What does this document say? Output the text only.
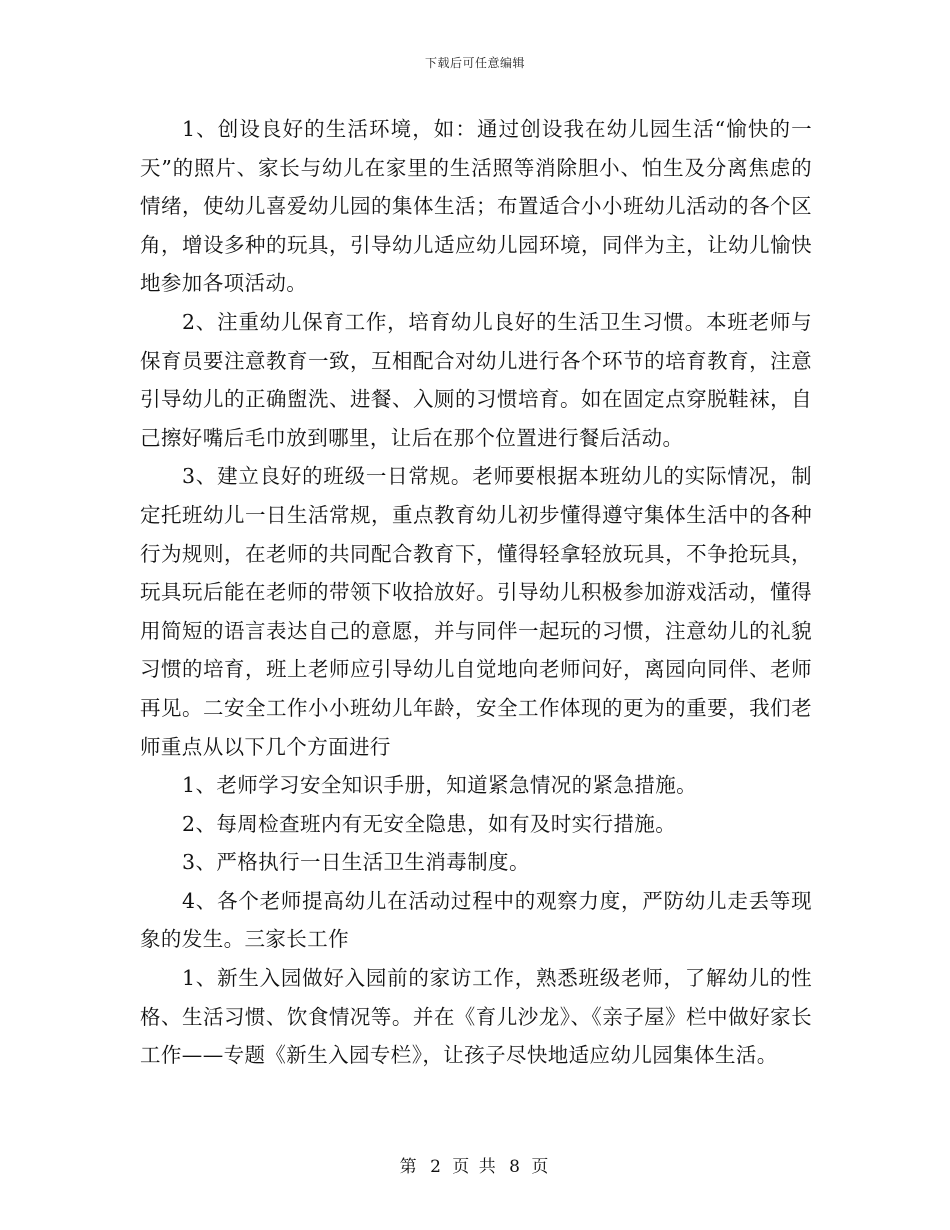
下载后可任意编辑

1、创设良好的生活环境，如：通过创设我在幼儿园生活“愉快的一天”的照片、家长与幼儿在家里的生活照等消除胆小、怕生及分离焦虑的情绪，使幼儿喜爱幼儿园的集体生活；布置适合小小班幼儿活动的各个区角，增设多种的玩具，引导幼儿适应幼儿园环境，同伴为主，让幼儿愉快地参加各项活动。

2、注重幼儿保育工作，培育幼儿良好的生活卫生习惯。本班老师与保育员要注意教育一致，互相配合对幼儿进行各个环节的培育教育，注意引导幼儿的正确盥洗、进餐、入厕的习惯培育。如在固定点穿脱鞋袜，自己擦好嘴后毛巾放到哪里，让后在那个位置进行餐后活动。

3、建立良好的班级一日常规。老师要根据本班幼儿的实际情况，制定托班幼儿一日生活常规，重点教育幼儿初步懂得遵守集体生活中的各种行为规则，在老师的共同配合教育下，懂得轻拿轻放玩具，不争抢玩具，玩具玩后能在老师的带领下收拾放好。引导幼儿积极参加游戏活动，懂得用简短的语言表达自己的意愿，并与同伴一起玩的习惯，注意幼儿的礼貌习惯的培育，班上老师应引导幼儿自觉地向老师问好，离园向同伴、老师再见。二安全工作小小班幼儿年龄，安全工作体现的更为的重要，我们老师重点从以下几个方面进行

1、老师学习安全知识手册，知道紧急情况的紧急措施。

2、每周检查班内有无安全隐患，如有及时实行措施。

3、严格执行一日生活卫生消毒制度。

4、各个老师提高幼儿在活动过程中的观察力度，严防幼儿走丢等现象的发生。三家长工作

1、新生入园做好入园前的家访工作，熟悉班级老师，了解幼儿的性格、生活习惯、饮食情况等。并在《育儿沙龙》、《亲子屋》栏中做好家长工作——专题《新生入园专栏》，让孩子尽快地适应幼儿园集体生活。

第 2 页 共 8 页
